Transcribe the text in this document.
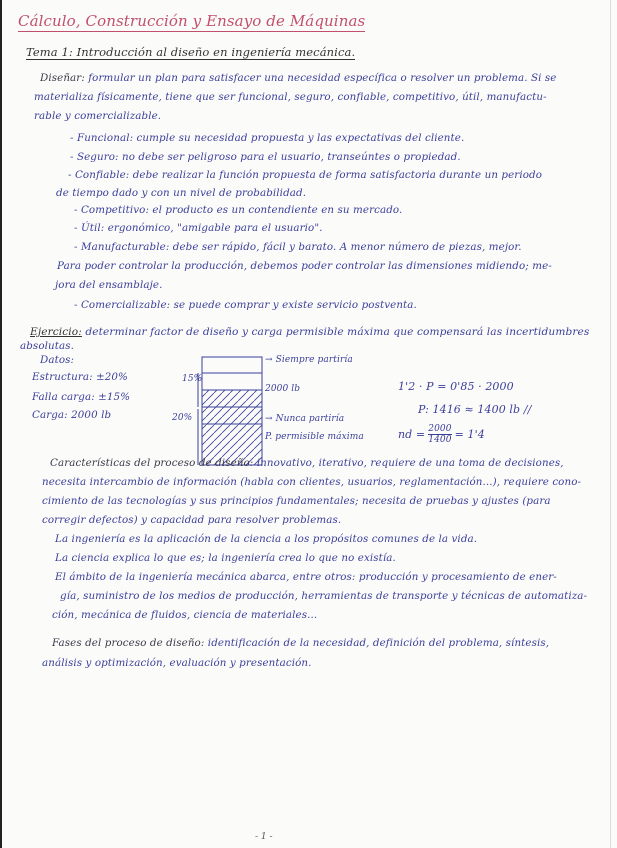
Cálculo, Construcción y Ensayo de Máquinas
Tema 1: Introducción al diseño en ingeniería mecánica.
Diseñar: formular un plan para satisfacer una necesidad específica o resolver un problema. Si se
materializa físicamente, tiene que ser funcional, seguro, confiable, competitivo, útil, manufactu-
rable y comercializable.
- Funcional: cumple su necesidad propuesta y las expectativas del cliente.
- Seguro: no debe ser peligroso para el usuario, transeúntes o propiedad.
- Confiable: debe realizar la función propuesta de forma satisfactoria durante un periodo
de tiempo dado y con un nivel de probabilidad.
- Competitivo: el producto es un contendiente en su mercado.
- Útil: ergonómico, "amigable para el usuario".
- Manufacturable: debe ser rápido, fácil y barato. A menor número de piezas, mejor.
Para poder controlar la producción, debemos poder controlar las dimensiones midiendo; me-
jora del ensamblaje.
- Comercializable: se puede comprar y existe servicio postventa.
Ejercicio: determinar factor de diseño y carga permisible máxima que compensará las incertidumbres
absolutas.
Datos:
Estructura: ±20%
Falla carga: ±15%
Carga: 2000 lb
→ Siempre partiría
2000 lb
15%
20%	→ Nunca partiría
P. permisible máxima
1'2 · P = 0'85 · 2000
P: 1416 ≈ 1400 lb //
nd = $\frac{2000}{1400} = 1'4$
Características del proceso de diseño: innovativo, iterativo, requiere de una toma de decisiones,
necesita intercambio de información (habla con clientes, usuarios, reglamentación...), requiere cono-
cimiento de las tecnologías y sus principios fundamentales; necesita de pruebas y ajustes (para
corregir defectos) y capacidad para resolver problemas.
La ingeniería es la aplicación de la ciencia a los propósitos comunes de la vida.
La ciencia explica lo que es; la ingeniería crea lo que no existía.
El ámbito de la ingeniería mecánica abarca, entre otros: producción y procesamiento de ener-
gía, suministro de los medios de producción, herramientas de transporte y técnicas de automatiza-
ción, mecánica de fluidos, ciencia de materiales...
Fases del proceso de diseño: identificación de la necesidad, definición del problema, síntesis,
análisis y optimización, evaluación y presentación.
- 1 -
